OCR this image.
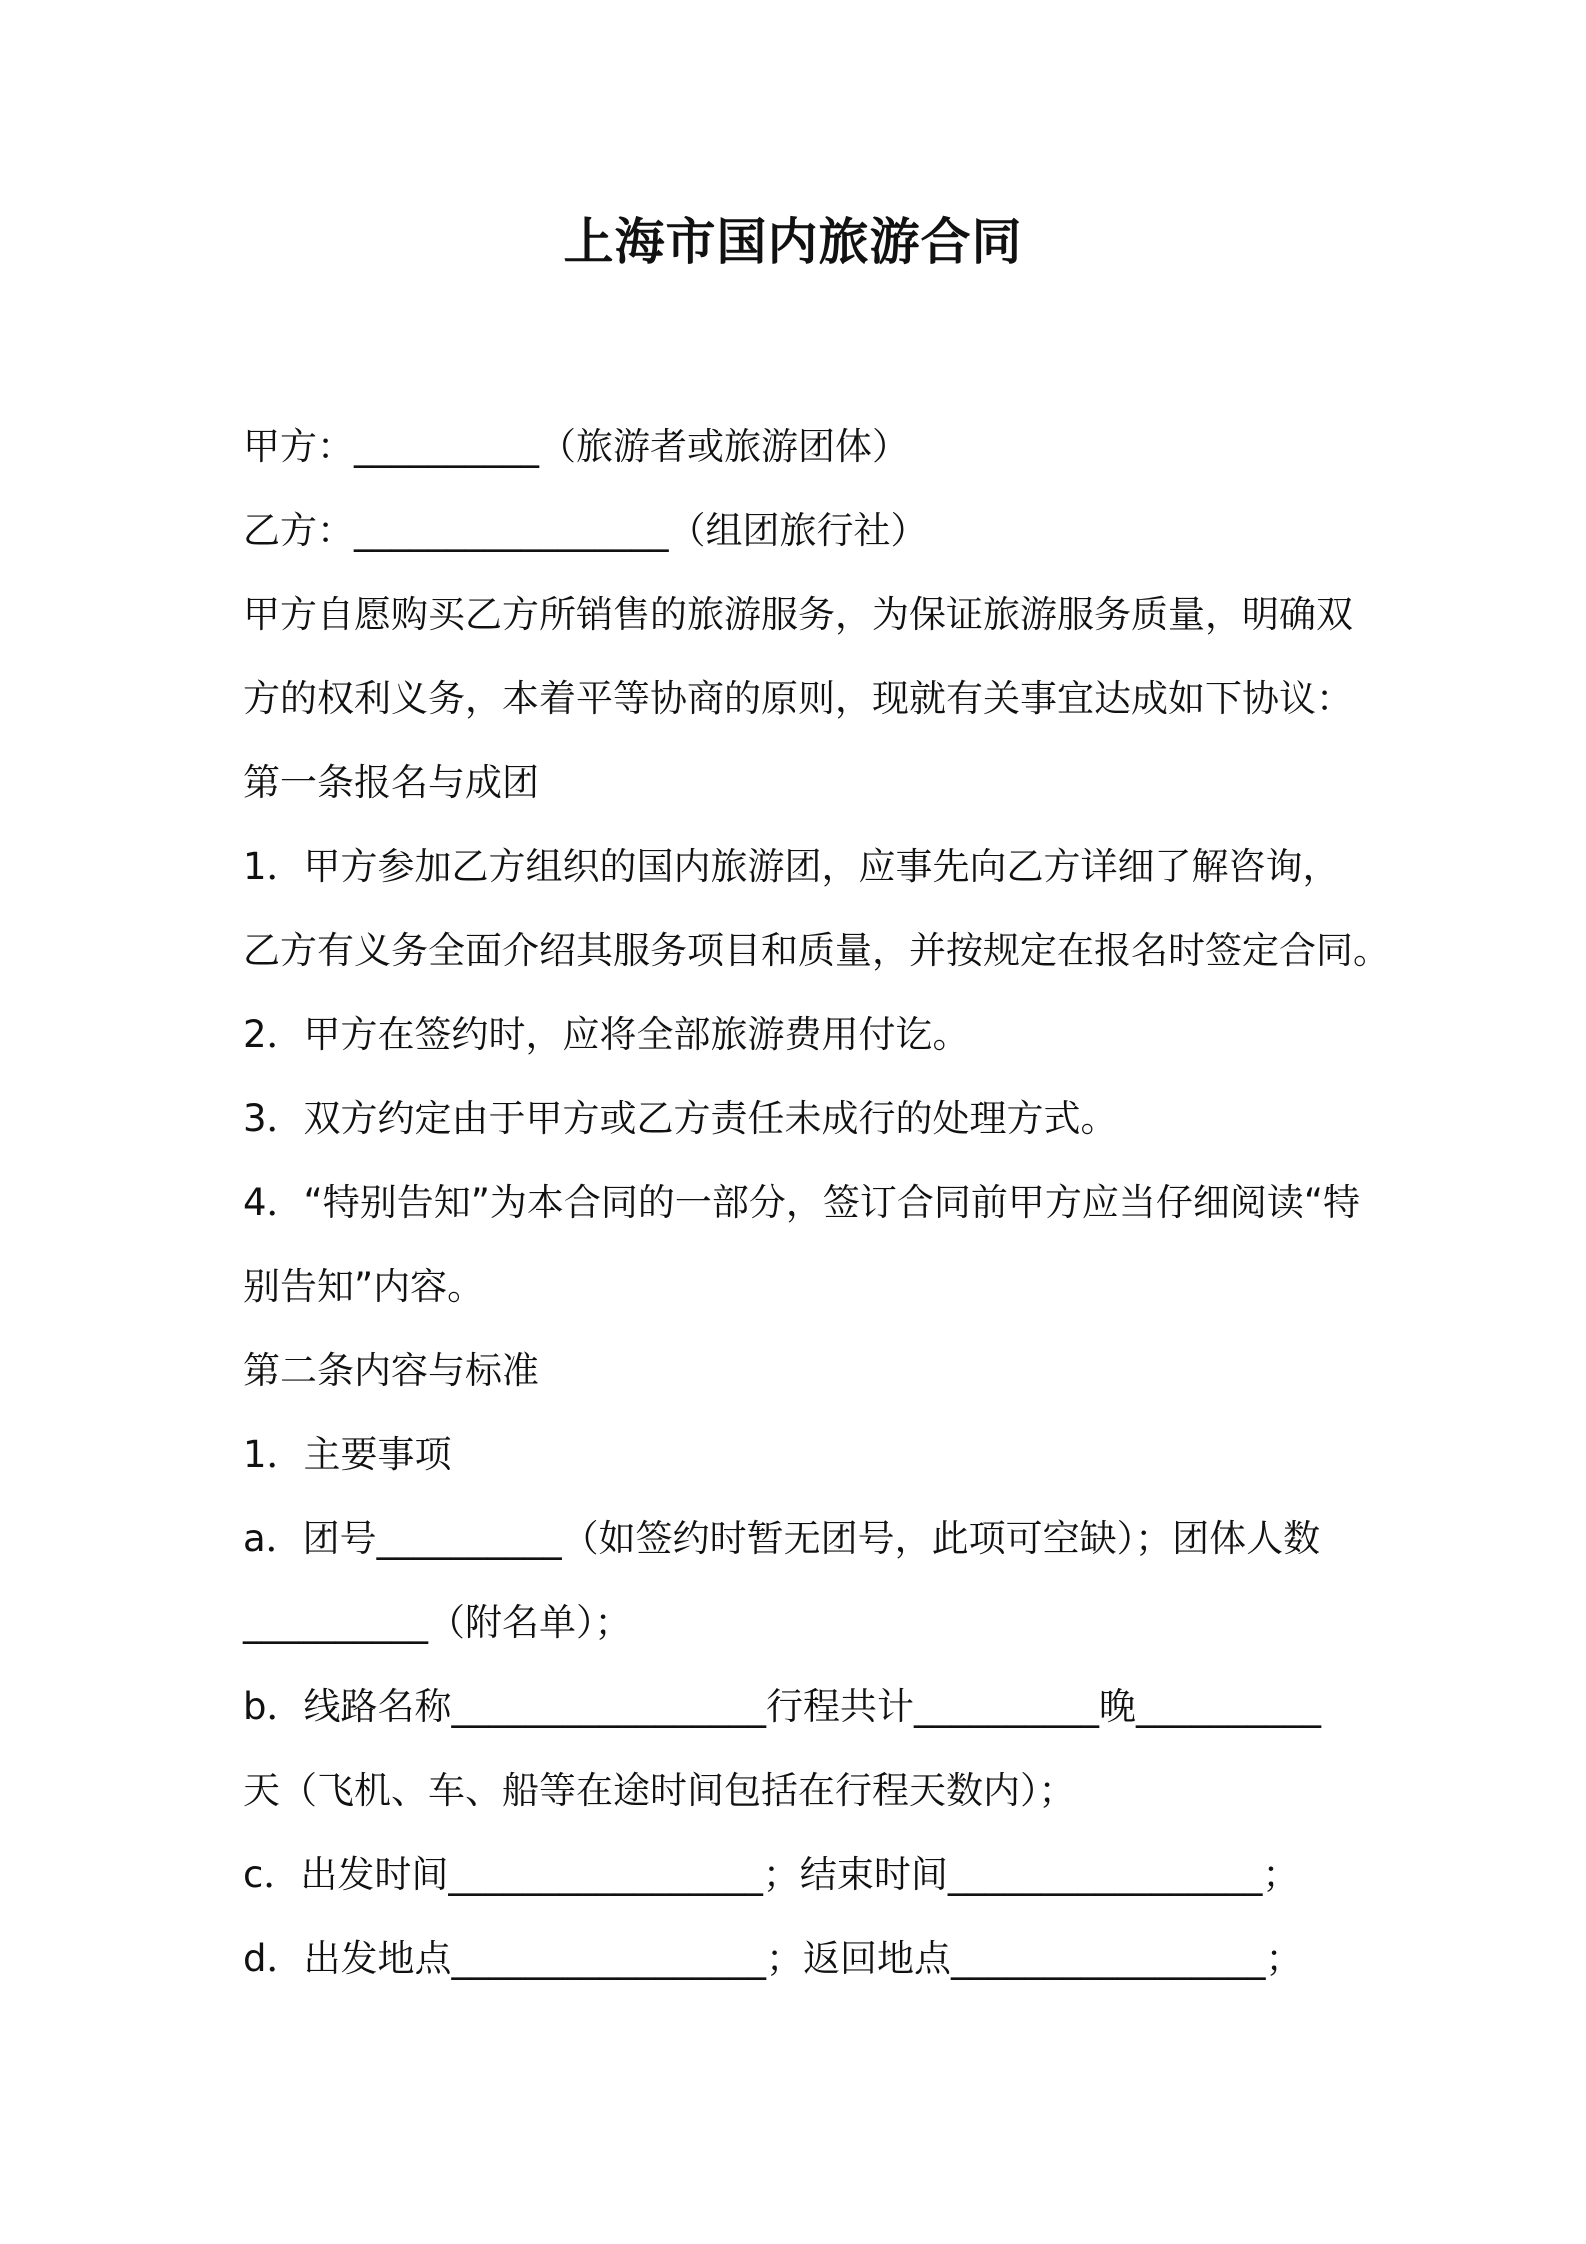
上海市国内旅游合同

甲方：__________（旅游者或旅游团体）

乙方：_________________（组团旅行社）

甲方自愿购买乙方所销售的旅游服务，为保证旅游服务质量，明确双

方的权利义务，本着平等协商的原则，现就有关事宜达成如下协议：

第一条报名与成团

1．甲方参加乙方组织的国内旅游团，应事先向乙方详细了解咨询，

乙方有义务全面介绍其服务项目和质量，并按规定在报名时签定合同。

2．甲方在签约时，应将全部旅游费用付讫。

3．双方约定由于甲方或乙方责任未成行的处理方式。

4．“特别告知”为本合同的一部分，签订合同前甲方应当仔细阅读“特

别告知”内容。

第二条内容与标准

1．主要事项

a．团号__________（如签约时暂无团号，此项可空缺）；团体人数

__________（附名单）；

b．线路名称_________________行程共计__________晚__________

天（飞机、车、船等在途时间包括在行程天数内）；

c．出发时间_________________；结束时间_________________；

d．出发地点_________________；返回地点_________________；
